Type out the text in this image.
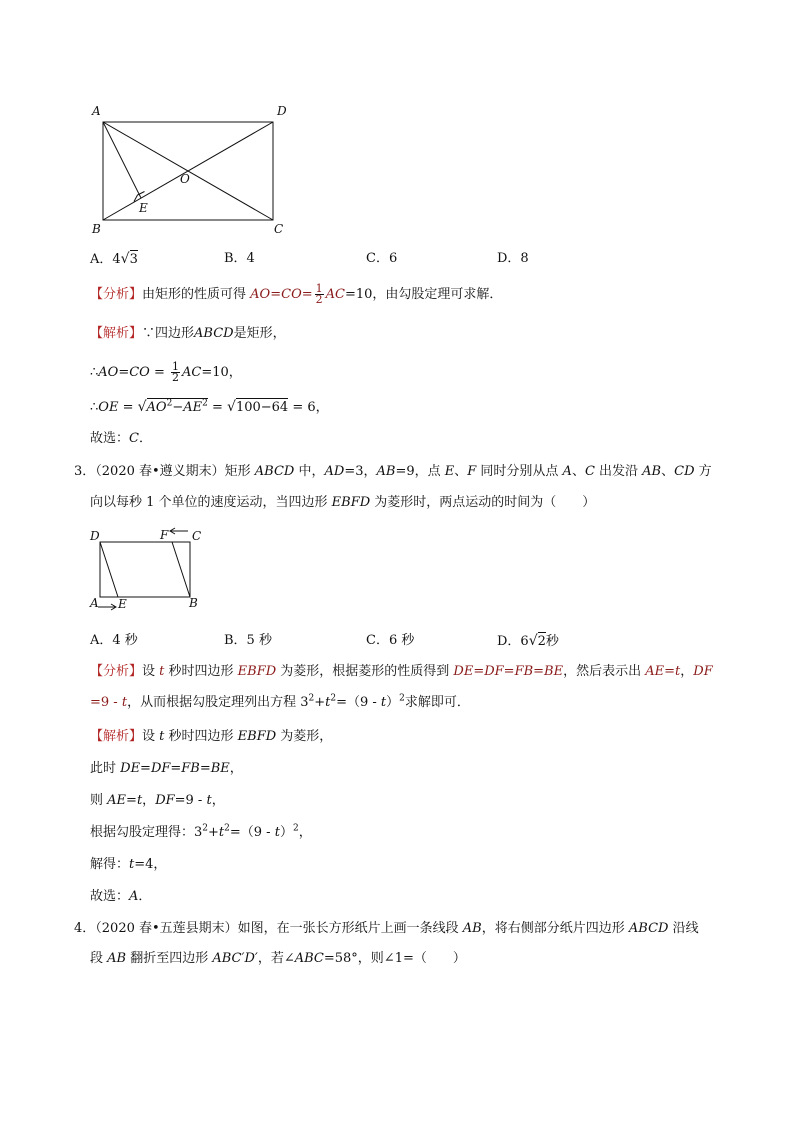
A	D
B	C
O
E
A．4√3	B．4	C．6	D．8
【分析】由矩形的性质可得 $AO=CO= \frac{1}{2} AC=10$，由勾股定理可求解．
【解析】∵四边形ABCD是矩形，
∴AO=CO = $\frac{1}{2} AC=10$，
∴OE = $√AO^2-AE^2 = √100-64 = 6$，
故选：C．
3．（2020 春•遵义期末）矩形 ABCD 中，AD=3，AB=9，点 E、F 同时分别从点 A、C 出发沿 AB、CD 方
向以每秒 1 个单位的速度运动，当四边形 EBFD 为菱形时，两点运动的时间为（　　）
D	F C
A E	B
A．4 秒	B．5 秒	C．6 秒	D．6√2秒
【分析】设 t 秒时四边形 EBFD 为菱形，根据菱形的性质得到 DE=DF=FB=BE，然后表示出 AE=t，DF
=9 - t，从而根据勾股定理列出方程 $3^2+t^2=(9 - t)^2$求解即可．
【解析】设 t 秒时四边形 EBFD 为菱形，
此时 DE=DF=FB=BE，
则 AE=t，DF=9 - t，
根据勾股定理得：$3^2+t^2=(9 - t)^2$，
解得：t=4，
故选：A．
4．（2020 春•五莲县期末）如图，在一张长方形纸片上画一条线段 AB，将右侧部分纸片四边形 ABCD 沿线
段 AB 翻折至四边形 ABC′D′，若∠ABC=58°，则∠1=（　　）
